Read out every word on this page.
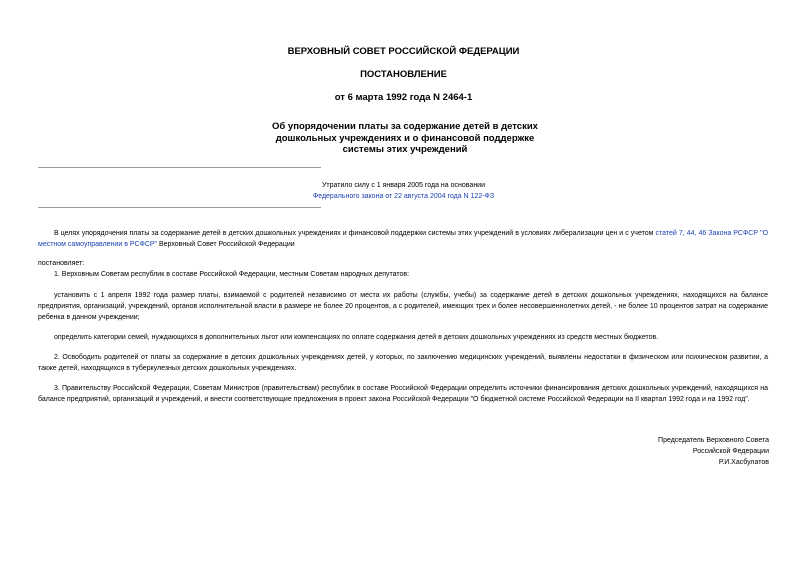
ВЕРХОВНЫЙ СОВЕТ РОССИЙСКОЙ ФЕДЕРАЦИИ
ПОСТАНОВЛЕНИЕ
от 6 марта 1992 года N 2464-1
Об упорядочении платы за содержание детей в детских
дошкольных учреждениях и о финансовой поддержке
системы этих учреждений
Утратило силу с 1 января 2005 года на основании
Федерального закона от 22 августа 2004 года N 122-ФЗ
В целях упорядочения платы за содержание детей в детских дошкольных учреждениях и финансовой поддержки системы этих учреждений в условиях либерализации цен и с учетом статей 7, 44, 46 Закона РСФСР "О местном самоуправлении в РСФСР" Верховный Совет Российской Федерации
постановляет:
1. Верховным Советам республик в составе Российской Федерации, местным Советам народных депутатов:
установить с 1 апреля 1992 года размер платы, взимаемой с родителей независимо от места их работы (службы, учебы) за содержание детей в детских дошкольных учреждениях, находящихся на балансе предприятия, организаций, учреждений, органов исполнительной власти в размере не более 20 процентов, а с родителей, имеющих трех и более несовершеннолетних детей, - не более 10 процентов затрат на содержание ребенка в данном учреждении;
определить категории семей, нуждающихся в дополнительных льгот или компенсациях по оплате содержания детей в детских дошкольных учреждениях из средств местных бюджетов.
2. Освободить родителей от платы за содержание в детских дошкольных учреждениях детей, у которых, по заключению медицинских учреждений, выявлены недостатки в физическом или психическом развитии, а также детей, находящихся в туберкулезных детских дошкольных учреждениях.
3. Правительству Российской Федерации, Советам Министров (правительствам) республик в составе Российской Федерации определить источники финансирования детских дошкольных учреждений, находящихся на балансе предприятий, организаций и учреждений, и внести соответствующие предложения в проект закона Российской Федерации "О бюджетной системе Российской Федерации на II квартал 1992 года и на 1992 год".
Председатель Верховного Совета
Российской Федерации
Р.И.Хасбулатов
